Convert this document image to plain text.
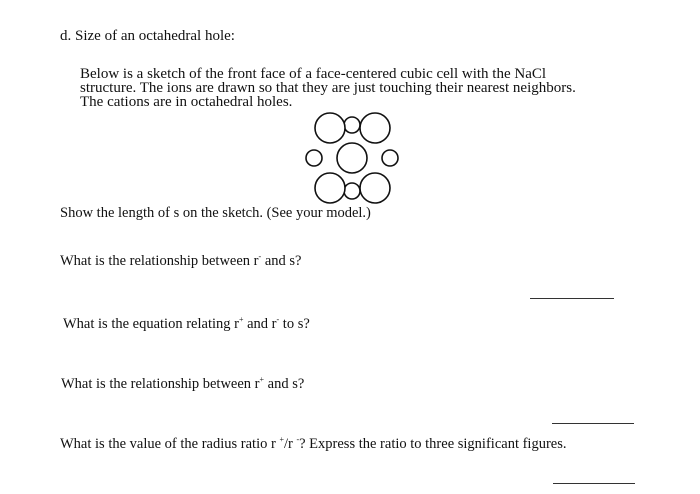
d. Size of an octahedral hole:
Below is a sketch of the front face of a face-centered cubic cell with the NaCl
structure. The ions are drawn so that they are just touching their nearest neighbors.
The cations are in octahedral holes.
Show the length of s on the sketch. (See your model.)
What is the relationship between r- and s?
What is the equation relating r+ and r- to s?
What is the relationship between r+ and s?
What is the value of the radius ratio r +/r -? Express the ratio to three significant figures.
